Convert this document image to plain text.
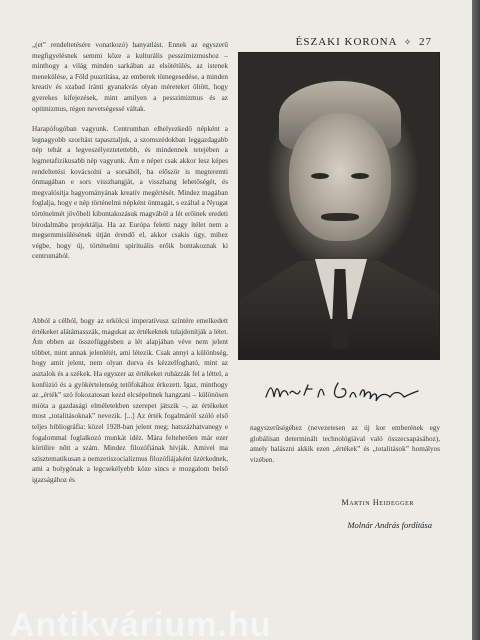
ÉSZAKI KORONA ✧ 27

„(et” rendeltetésére vonatkozó) hanyatlást. Ennek az egyszerű megfigyelésnek semmi köze a kulturális pesszimizmushoz – minthogy a világ minden sarkában az elsötétülés, az istenek menekülése, a Föld pusztítása, az emberek tömegesedése, a minden kreatív és szabad iránti gyanakvás olyan méreteket öltött, hogy gyerekes kifejezések, mint amilyen a pesszimizmus és az optimizmus, régen nevetségessé váltak.

Harapófogóban vagyunk. Centrumban elhelyezkedő népként a legnagyobb szorítást tapasztaljuk, a szomszédokban leggazdagabb nép tehát a legveszélyeztetettebb, és mindennek tetejében a legmetafizikusabb nép vagyunk. Ám e népet csak akkor lesz képes rendeltetési kovácsolni a sorsából, ha először is megteremti önmagában e sors visszhangját, a visszhang lehetőségét, és megvalósítja hagyományának kreatív megértését. Mindez magában foglalja, hogy e nép történelmi népként önmagát, s ezáltal a Nyugat történelmét jövőbeli kibontakozásuk magvából a lét erőinek eredeti birodalmába projektálja. Ha az Európa feletti nagy ítélet nem a megsemmisülésének útján érendő el, akkor csakis úgy, mihez végbe, hogy új, történelmi spirituális erőik bontakoznak ki centrumából.

Abból a célból, hogy az erkölcsi imperatívusz színtére emelkedett értékeket alátámasszák, magukat az értékeknek tulajdonítják a létet. Ám ebben az összefüggésben a lét alapjában véve nem jelent többet, mint annak jelenlétét, ami létezik. Csak annyi a különbség, hogy amit jelent, nem olyan durva és kézzelfogható, mint az asztalok és a székek. Ha egyszer az értékeket ruházzák fel a léttel, a konfúzió és a gyökértelenség tetőfokához érkezett. Igaz, minthogy az „érték” szó fokozatosan kezd elcsépeltnek hangzani – különösen mióta a gazdasági elméletekben szerepet játszik –, az értékeket most „totalitásoknak” nevezik. [...] Az érték fogalmáról szóló első teljes bibliográfia: közel 1928-ban jelent meg; hatszázhatvanegy e fogalommal foglalkozó munkát idéz. Mára feltehetően már ezer körülire nőtt a szám. Mindez filozófiának hívják. Amivel ma szisztematikusan a nemzetiszocializmus filozófiájaként üzérkednek, ami a bolygónak a legcsekélyebb köze sincs e mozgalom belső igazságához és

nagyszerűségéhez (nevezetesen az új kor emberének egy globálisan determinált technológiával való összecsapásához), amely halászni akkik ezen „értékek” és „totalitások” homályos vizében.
Martin Heidegger
Molnár András fordítása
Antikvárium.hu
